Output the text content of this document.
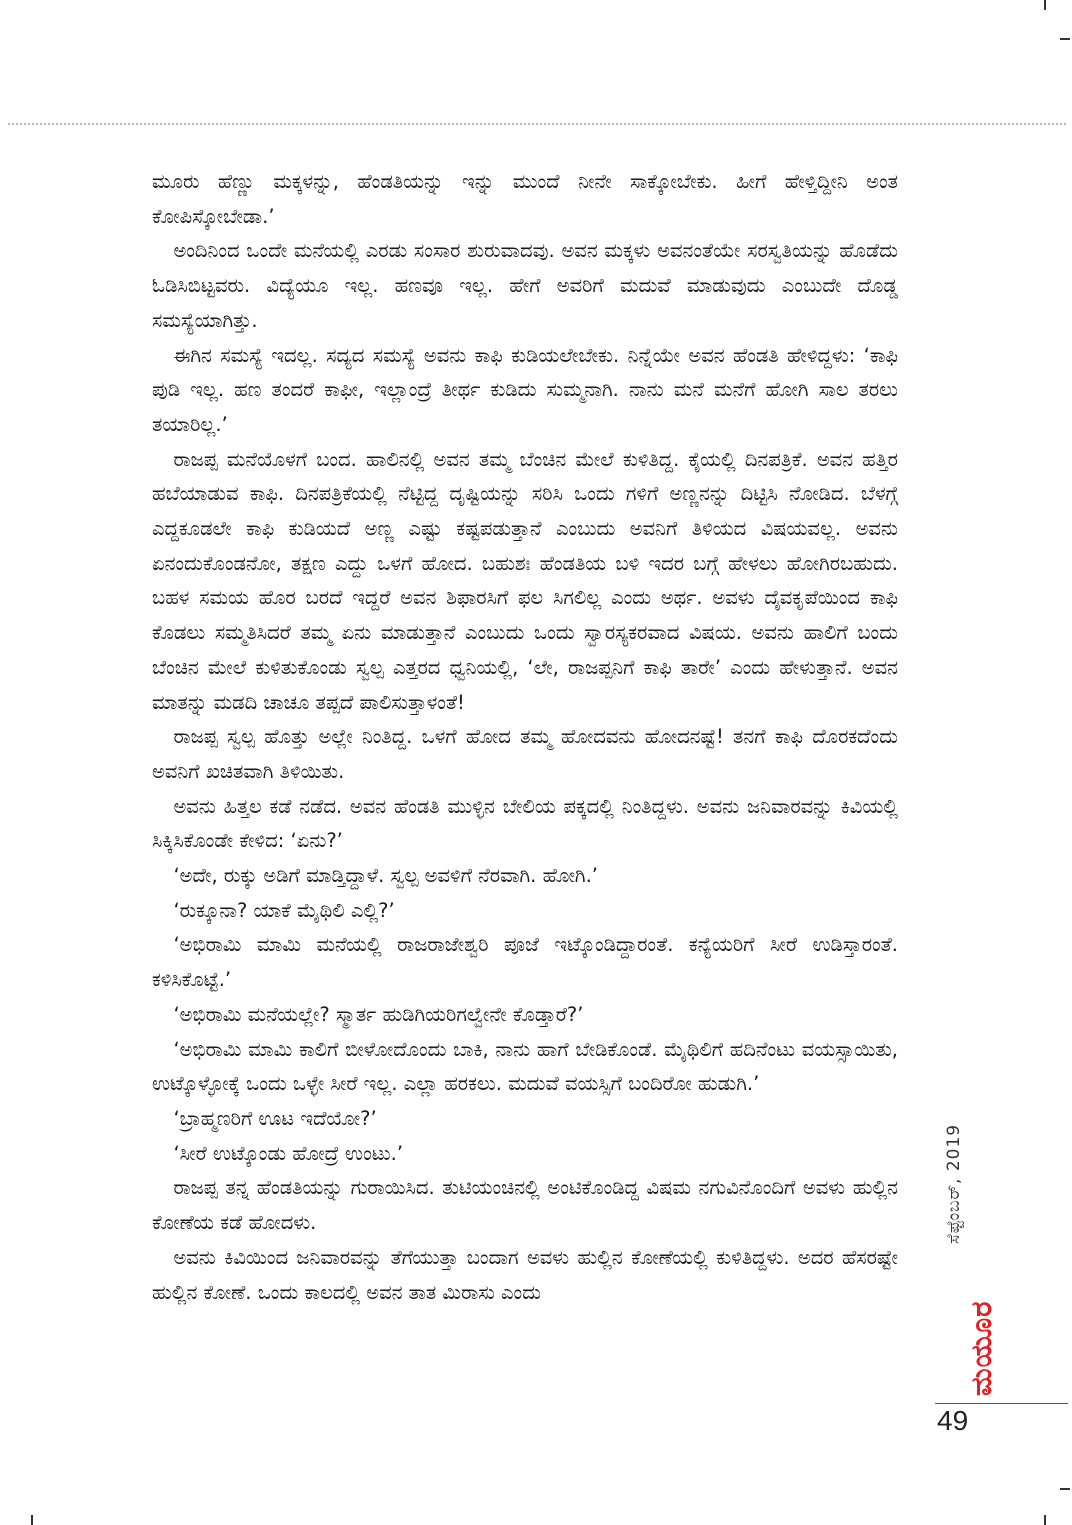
ಮೂರು ಹೆಣ್ಣು ಮಕ್ಕಳನ್ನು, ಹೆಂಡತಿಯನ್ನು ಇನ್ನು ಮುಂದೆ ನೀನೇ ಸಾಕ್ಕೋಬೇಕು. ಹೀಗೆ ಹೇಳ್ತಿದ್ದೀನಿ ಅಂತ ಕೋಪಿಸ್ಕೋಬೇಡಾ.’

ಅಂದಿನಿಂದ ಒಂದೇ ಮನೆಯಲ್ಲಿ ಎರಡು ಸಂಸಾರ ಶುರುವಾದವು. ಅವನ ಮಕ್ಕಳು ಅವನಂತೆಯೇ ಸರಸ್ವತಿಯನ್ನು ಹೊಡೆದು ಓಡಿಸಿಬಿಟ್ಟವರು. ವಿದ್ಯೆಯೂ ಇಲ್ಲ. ಹಣವೂ ಇಲ್ಲ. ಹೇಗೆ ಅವರಿಗೆ ಮದುವೆ ಮಾಡುವುದು ಎಂಬುದೇ ದೊಡ್ಡ ಸಮಸ್ಯೆಯಾಗಿತ್ತು.

ಈಗಿನ ಸಮಸ್ಯೆ ಇದಲ್ಲ. ಸದ್ಯದ ಸಮಸ್ಯೆ ಅವನು ಕಾಫಿ ಕುಡಿಯಲೇಬೇಕು. ನಿನ್ನೆಯೇ ಅವನ ಹೆಂಡತಿ ಹೇಳಿದ್ದಳು: ‘ಕಾಫಿ ಪುಡಿ ಇಲ್ಲ. ಹಣ ತಂದರೆ ಕಾಫೀ, ಇಲ್ಲಾಂದ್ರೆ ತೀರ್ಥ ಕುಡಿದು ಸುಮ್ಮನಾಗಿ. ನಾನು ಮನೆ ಮನೆಗೆ ಹೋಗಿ ಸಾಲ ತರಲು ತಯಾರಿಲ್ಲ.’

ರಾಜಪ್ಪ ಮನೆಯೊಳಗೆ ಬಂದ. ಹಾಲಿನಲ್ಲಿ ಅವನ ತಮ್ಮ ಬೆಂಚಿನ ಮೇಲೆ ಕುಳಿತಿದ್ದ. ಕೈಯಲ್ಲಿ ದಿನಪತ್ರಿಕೆ. ಅವನ ಹತ್ತಿರ ಹಬೆಯಾಡುವ ಕಾಫಿ. ದಿನಪತ್ರಿಕೆಯಲ್ಲಿ ನೆಟ್ಟಿದ್ದ ದೃಷ್ಟಿಯನ್ನು ಸರಿಸಿ ಒಂದು ಗಳಿಗೆ ಅಣ್ಣನನ್ನು ದಿಟ್ಟಿಸಿ ನೋಡಿದ. ಬೆಳಗ್ಗೆ ಎದ್ದಕೂಡಲೇ ಕಾಫಿ ಕುಡಿಯದೆ ಅಣ್ಣ ಎಷ್ಟು ಕಷ್ಟಪಡುತ್ತಾನೆ ಎಂಬುದು ಅವನಿಗೆ ತಿಳಿಯದ ವಿಷಯವಲ್ಲ. ಅವನು ಏನಂದುಕೊಂಡನೋ, ತಕ್ಷಣ ಎದ್ದು ಒಳಗೆ ಹೋದ. ಬಹುಶಃ ಹೆಂಡತಿಯ ಬಳಿ ಇದರ ಬಗ್ಗೆ ಹೇಳಲು ಹೋಗಿರಬಹುದು. ಬಹಳ ಸಮಯ ಹೊರ ಬರದೆ ಇದ್ದರೆ ಅವನ ಶಿಫಾರಸಿಗೆ ಫಲ ಸಿಗಲಿಲ್ಲ ಎಂದು ಅರ್ಥ. ಅವಳು ದೈವಕೃಪೆಯಿಂದ ಕಾಫಿ ಕೊಡಲು ಸಮ್ಮತಿಸಿದರೆ ತಮ್ಮ ಏನು ಮಾಡುತ್ತಾನೆ ಎಂಬುದು ಒಂದು ಸ್ವಾರಸ್ಯಕರವಾದ ವಿಷಯ. ಅವನು ಹಾಲಿಗೆ ಬಂದು ಬೆಂಚಿನ ಮೇಲೆ ಕುಳಿತುಕೊಂಡು ಸ್ವಲ್ಪ ಎತ್ತರದ ಧ್ವನಿಯಲ್ಲಿ, ‘ಲೇ, ರಾಜಪ್ಪನಿಗೆ ಕಾಫಿ ತಾರೇ’ ಎಂದು ಹೇಳುತ್ತಾನೆ. ಅವನ ಮಾತನ್ನು ಮಡದಿ ಚಾಚೂ ತಪ್ಪದೆ ಪಾಲಿಸುತ್ತಾಳಂತೆ!

ರಾಜಪ್ಪ ಸ್ವಲ್ಪ ಹೊತ್ತು ಅಲ್ಲೇ ನಿಂತಿದ್ದ. ಒಳಗೆ ಹೋದ ತಮ್ಮ ಹೋದವನು ಹೋದನಷ್ಟೆ! ತನಗೆ ಕಾಫಿ ದೊರಕದೆಂದು ಅವನಿಗೆ ಖಚಿತವಾಗಿ ತಿಳಿಯಿತು.

ಅವನು ಹಿತ್ತಲ ಕಡೆ ನಡೆದ. ಅವನ ಹೆಂಡತಿ ಮುಳ್ಳಿನ ಬೇಲಿಯ ಪಕ್ಕದಲ್ಲಿ ನಿಂತಿದ್ದಳು. ಅವನು ಜನಿವಾರವನ್ನು ಕಿವಿಯಲ್ಲಿ ಸಿಕ್ಕಿಸಿಕೊಂಡೇ ಕೇಳಿದ: ‘ಏನು?’

‘ಅದೇ, ರುಕ್ಕು ಅಡಿಗೆ ಮಾಡ್ತಿದ್ದಾಳೆ. ಸ್ವಲ್ಪ ಅವಳಿಗೆ ನೆರವಾಗಿ. ಹೋಗಿ.’

‘ರುಕ್ಕೂನಾ? ಯಾಕೆ ಮೈಥಿಲಿ ಎಲ್ಲಿ?’

‘ಅಭಿರಾಮಿ ಮಾಮಿ ಮನೆಯಲ್ಲಿ ರಾಜರಾಜೇಶ್ವರಿ ಪೂಜೆ ಇಟ್ಕೊಂಡಿದ್ದಾರಂತೆ. ಕನ್ಯೆಯರಿಗೆ ಸೀರೆ ಉಡಿಸ್ತಾರಂತೆ. ಕಳಿಸಿಕೊಟ್ಟೆ.’

‘ಅಭಿರಾಮಿ ಮನೆಯಲ್ಲೇ? ಸ್ಮಾರ್ತ ಹುಡಿಗಿಯರಿಗಲ್ವೇನೇ ಕೊಡ್ತಾರೆ?’

‘ಅಭಿರಾಮಿ ಮಾಮಿ ಕಾಲಿಗೆ ಬೀಳೋದೊಂದು ಬಾಕಿ, ನಾನು ಹಾಗೆ ಬೇಡಿಕೊಂಡೆ. ಮೈಥಿಲಿಗೆ ಹದಿನೆಂಟು ವಯಸ್ಸಾಯಿತು, ಉಟ್ಕೊಳ್ಳೋಕ್ಕೆ ಒಂದು ಒಳ್ಳೇ ಸೀರೆ ಇಲ್ಲ. ಎಲ್ಲಾ ಹರಕಲು. ಮದುವೆ ವಯಸ್ಸಿಗೆ ಬಂದಿರೋ ಹುಡುಗಿ.’

‘ಬ್ರಾಹ್ಮಣರಿಗೆ ಊಟ ಇದೆಯೋ?’

‘ಸೀರೆ ಉಟ್ಕೊಂಡು ಹೋದ್ರೆ ಉಂಟು.’

ರಾಜಪ್ಪ ತನ್ನ ಹೆಂಡತಿಯನ್ನು ಗುರಾಯಿಸಿದ. ತುಟಿಯಂಚಿನಲ್ಲಿ ಅಂಟಿಕೊಂಡಿದ್ದ ವಿಷಮ ನಗುವಿನೊಂದಿಗೆ ಅವಳು ಹುಲ್ಲಿನ ಕೋಣೆಯ ಕಡೆ ಹೋದಳು.

ಅವನು ಕಿವಿಯಿಂದ ಜನಿವಾರವನ್ನು ತೆಗೆಯುತ್ತಾ ಬಂದಾಗ ಅವಳು ಹುಲ್ಲಿನ ಕೋಣೆಯಲ್ಲಿ ಕುಳಿತಿದ್ದಳು. ಅದರ ಹೆಸರಷ್ಟೇ ಹುಲ್ಲಿನ ಕೋಣೆ. ಒಂದು ಕಾಲದಲ್ಲಿ ಅವನ ತಾತ ಮಿರಾಸು ಎಂದು

ಸೆಪ್ಟೆಂಬರ್, 2019
ಮಯೂರ
49
